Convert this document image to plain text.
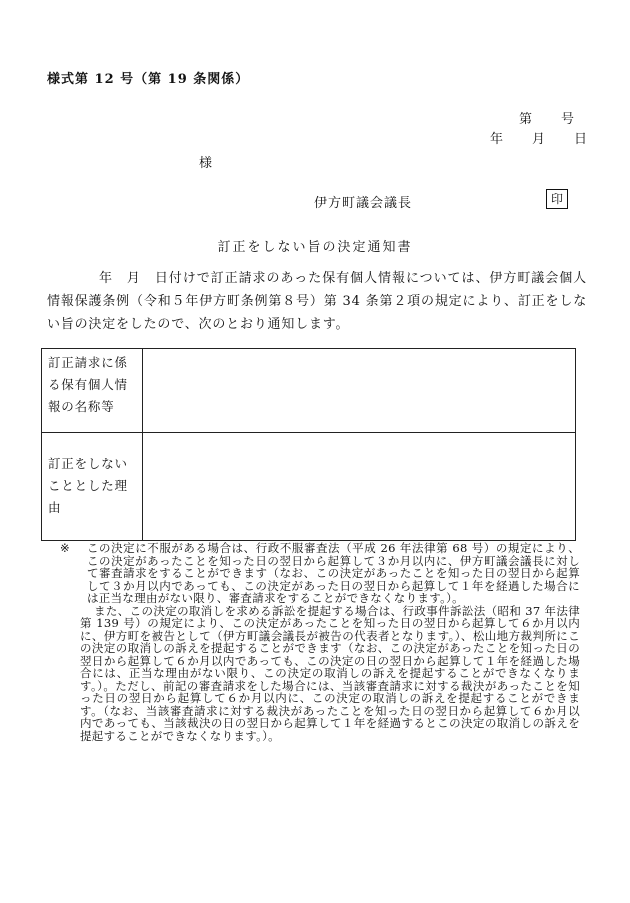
様式第 12 号（第 19 条関係）
第　　号
年　　月　　日
様
伊方町議会議長	印
訂正をしない旨の決定通知書
年　月　日付けで訂正請求のあった保有個人情報については、伊方町議会個人情報保護条例（令和５年伊方町条例第８号）第 34 条第２項の規定により、訂正をしない旨の決定をしたので、次のとおり通知します。
訂正請求に係る保有個人情報の名称等	
訂正をしないこととした理由	
※	この決定に不服がある場合は、行政不服審査法（平成 26 年法律第 68 号）の規定により、この決定があったことを知った日の翌日から起算して３か月以内に、伊方町議会議長に対して審査請求をすることができます（なお、この決定があったことを知った日の翌日から起算して３か月以内であっても、この決定があった日の翌日から起算して１年を経過した場合には正当な理由がない限り、審査請求をすることができなくなります。）。

また、この決定の取消しを求める訴訟を提起する場合は、行政事件訴訟法（昭和 37 年法律第 139 号）の規定により、この決定があったことを知った日の翌日から起算して６か月以内に、伊方町を被告として（伊方町議会議長が被告の代表者となります。）、松山地方裁判所にこの決定の取消しの訴えを提起することができます（なお、この決定があったことを知った日の翌日から起算して６か月以内であっても、この決定の日の翌日から起算して１年を経過した場合には、正当な理由がない限り、この決定の取消しの訴えを提起することができなくなります。）。ただし、前記の審査請求をした場合には、当該審査請求に対する裁決があったことを知った日の翌日から起算して６か月以内に、この決定の取消しの訴えを提起することができます。（なお、当該審査請求に対する裁決があったことを知った日の翌日から起算して６か月以内であっても、当該裁決の日の翌日から起算して１年を経過するとこの決定の取消しの訴えを提起することができなくなります。）。
